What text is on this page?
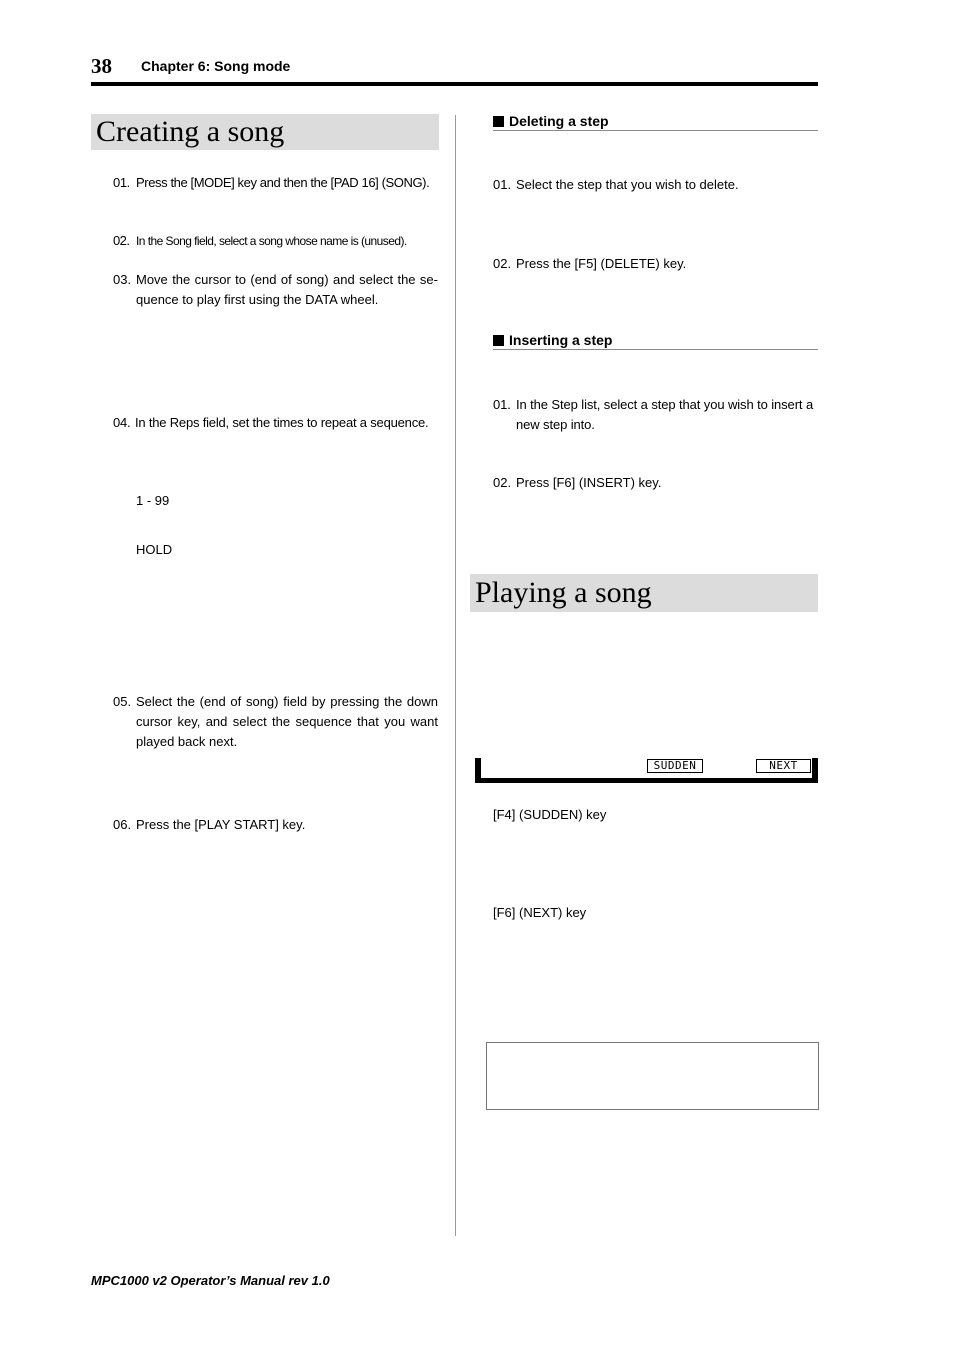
38 Chapter 6: Song mode
Creating a song
01. Press the [MODE] key and then the [PAD 16] (SONG).
02. In the Song field, select a song whose name is (unused).
03. Move the cursor to (end of song) and select the se-quence to play first using the DATA wheel.
04. In the Reps field, set the times to repeat a sequence.
1 - 99
HOLD
05. Select the (end of song) field by pressing the down cursor key, and select the sequence that you want played back next.
06. Press the [PLAY START] key.
Deleting a step
01. Select the step that you wish to delete.
02. Press the [F5] (DELETE) key.
Inserting a step
01. In the Step list, select a step that you wish to insert a new step into.
02. Press [F6] (INSERT) key.
Playing a song
SUDDEN	NEXT
[F4] (SUDDEN) key
[F6] (NEXT) key
MPC1000 v2 Operator’s Manual rev 1.0
